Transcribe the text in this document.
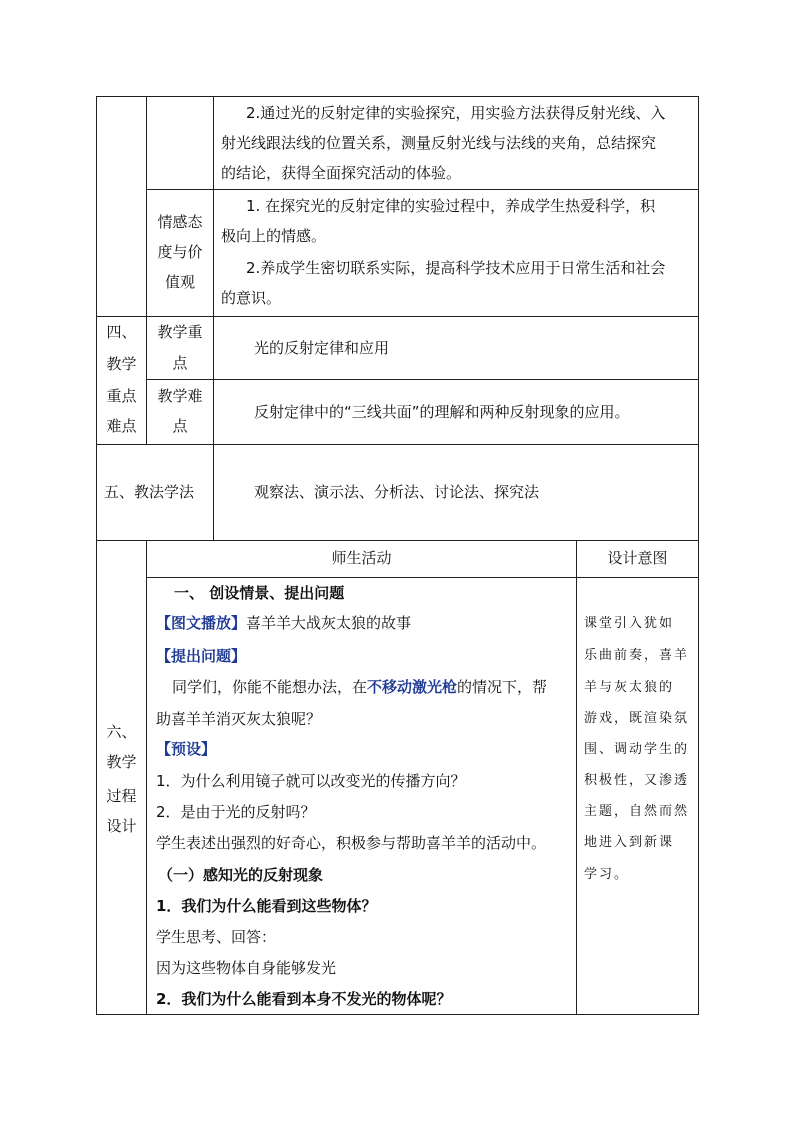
2.通过光的反射定律的实验探究，用实验方法获得反射光线、入
射光线跟法线的位置关系，测量反射光线与法线的夹角，总结探究
的结论，获得全面探究活动的体验。
情感态
度与价
值观
1. 在探究光的反射定律的实验过程中，养成学生热爱科学，积
极向上的情感。
2.养成学生密切联系实际，提高科学技术应用于日常生活和社会
的意识。
四、
教学
重点
难点
教学重
点
光的反射定律和应用
教学难
点
反射定律中的“三线共面”的理解和两种反射现象的应用。
五、教法学法	观察法、演示法、分析法、讨论法、探究法
六、
教学
过程
设计
师生活动	设计意图
一、 创设情景、提出问题
【图文播放】喜羊羊大战灰太狼的故事
【提出问题】
同学们，你能不能想办法，在不移动激光枪的情况下，帮
助喜羊羊消灭灰太狼呢？
【预设】
1．为什么利用镜子就可以改变光的传播方向？
2．是由于光的反射吗？
学生表述出强烈的好奇心，积极参与帮助喜羊羊的活动中。
（一）感知光的反射现象
1．我们为什么能看到这些物体？
学生思考、回答：
因为这些物体自身能够发光
2．我们为什么能看到本身不发光的物体呢？
课堂引入犹如
乐曲前奏，喜羊
羊与灰太狼的
游戏，既渲染氛
围、调动学生的
积极性，又渗透
主题，自然而然
地进入到新课
学习。
